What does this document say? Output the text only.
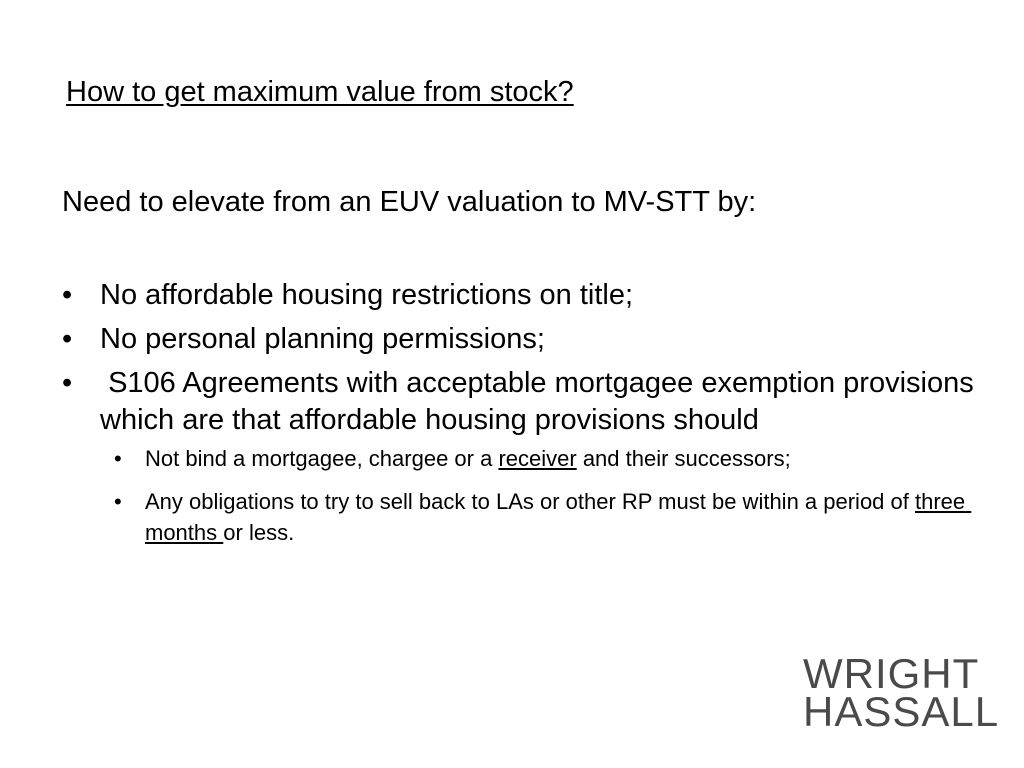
How to get maximum value from stock?
Need to elevate from an EUV valuation to MV-STT by:
• No affordable housing restrictions on title;
• No personal planning permissions;
• S106 Agreements with acceptable mortgagee exemption provisions which are that affordable housing provisions should
• Not bind a mortgagee, chargee or a receiver and their successors;
• Any obligations to try to sell back to LAs or other RP must be within a period of three months or less.
WRIGHT
HASSALL
